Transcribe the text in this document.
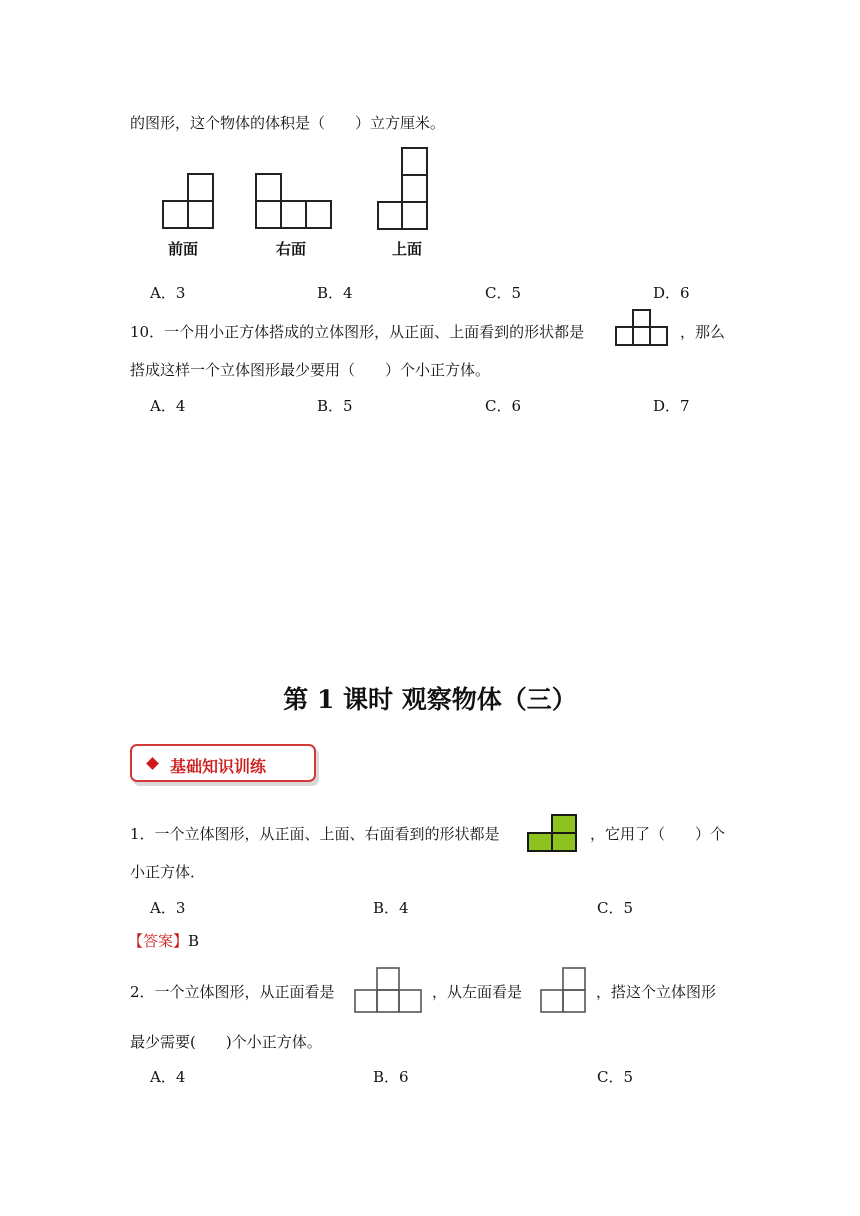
的图形，这个物体的体积是（　　）立方厘米。
前面	右面	上面
A．3	B．4	C．5	D．6
10．一个用小正方体搭成的立体图形，从正面、上面看到的形状都是	，那么
搭成这样一个立体图形最少要用（　　）个小正方体。
A．4	B．5	C．6	D．7
第 1 课时 观察物体（三）
基础知识训练
1．一个立体图形，从正面、上面、右面看到的形状都是	，它用了（　　）个
小正方体．
A．3	B．4	C．5
【答案】B
2．一个立体图形，从正面看是	，从左面看是	，搭这个立体图形
最少需要(　　)个小正方体。
A．4	B．6	C．5
